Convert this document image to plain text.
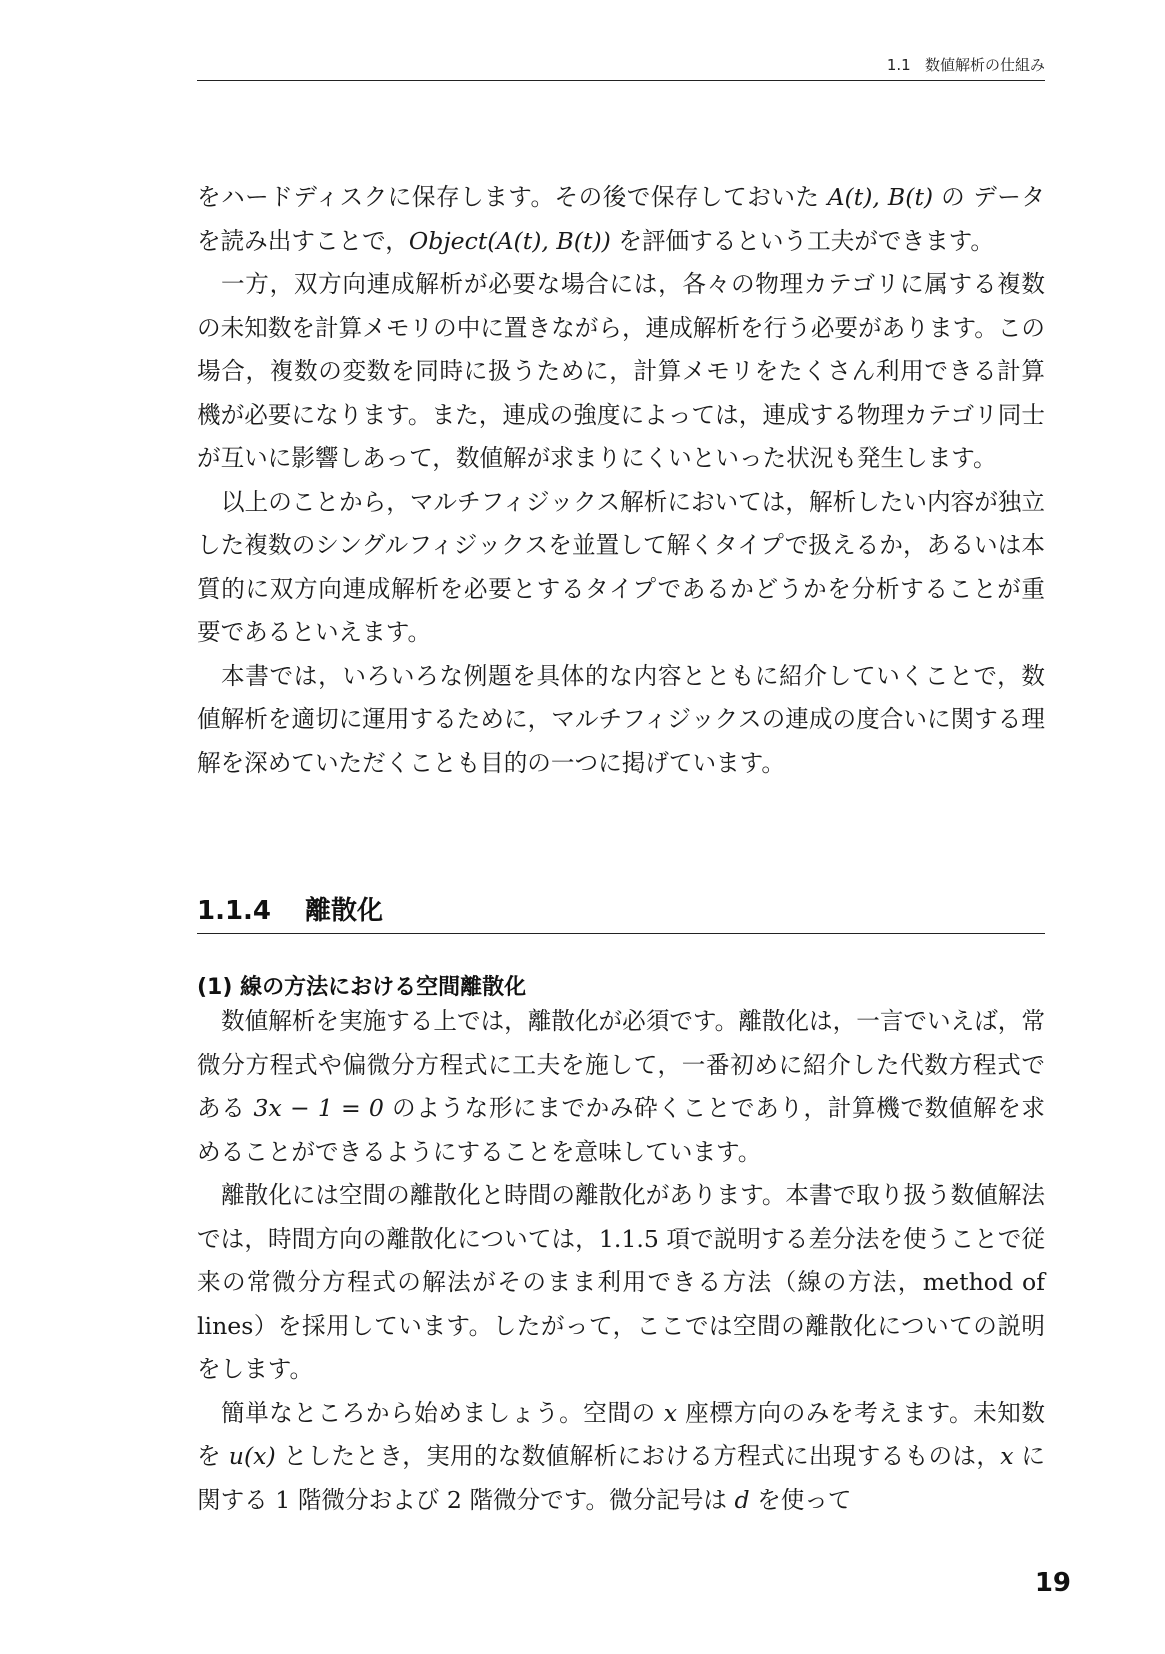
1.1 数値解析の仕組み

をハードディスクに保存します。その後で保存しておいた A(t), B(t) の データを読み出すことで，Object(A(t), B(t)) を評価するという工夫ができます。

一方，双方向連成解析が必要な場合には，各々の物理カテゴリに属する複数の未知数を計算メモリの中に置きながら，連成解析を行う必要があります。この場合，複数の変数を同時に扱うために，計算メモリをたくさん利用できる計算機が必要になります。また，連成の強度によっては，連成する物理カテゴリ同士が互いに影響しあって，数値解が求まりにくいといった状況も発生します。

以上のことから，マルチフィジックス解析においては，解析したい内容が独立した複数のシングルフィジックスを並置して解くタイプで扱えるか，あるいは本質的に双方向連成解析を必要とするタイプであるかどうかを分析することが重要であるといえます。

本書では，いろいろな例題を具体的な内容とともに紹介していくことで，数値解析を適切に運用するために，マルチフィジックスの連成の度合いに関する理解を深めていただくことも目的の一つに掲げています。

1.1.4 離散化
(1) 線の方法における空間離散化

数値解析を実施する上では，離散化が必須です。離散化は，一言でいえば，常微分方程式や偏微分方程式に工夫を施して，一番初めに紹介した代数方程式である 3x − 1 = 0 のような形にまでかみ砕くことであり，計算機で数値解を求めることができるようにすることを意味しています。

離散化には空間の離散化と時間の離散化があります。本書で取り扱う数値解法では，時間方向の離散化については，1.1.5 項で説明する差分法を使うことで従来の常微分方程式の解法がそのまま利用できる方法（線の方法，method of lines）を採用しています。したがって，ここでは空間の離散化についての説明をします。

簡単なところから始めましょう。空間の x 座標方向のみを考えます。未知数を u(x) としたとき，実用的な数値解析における方程式に出現するものは，x に関する 1 階微分および 2 階微分です。微分記号は d を使って

19
